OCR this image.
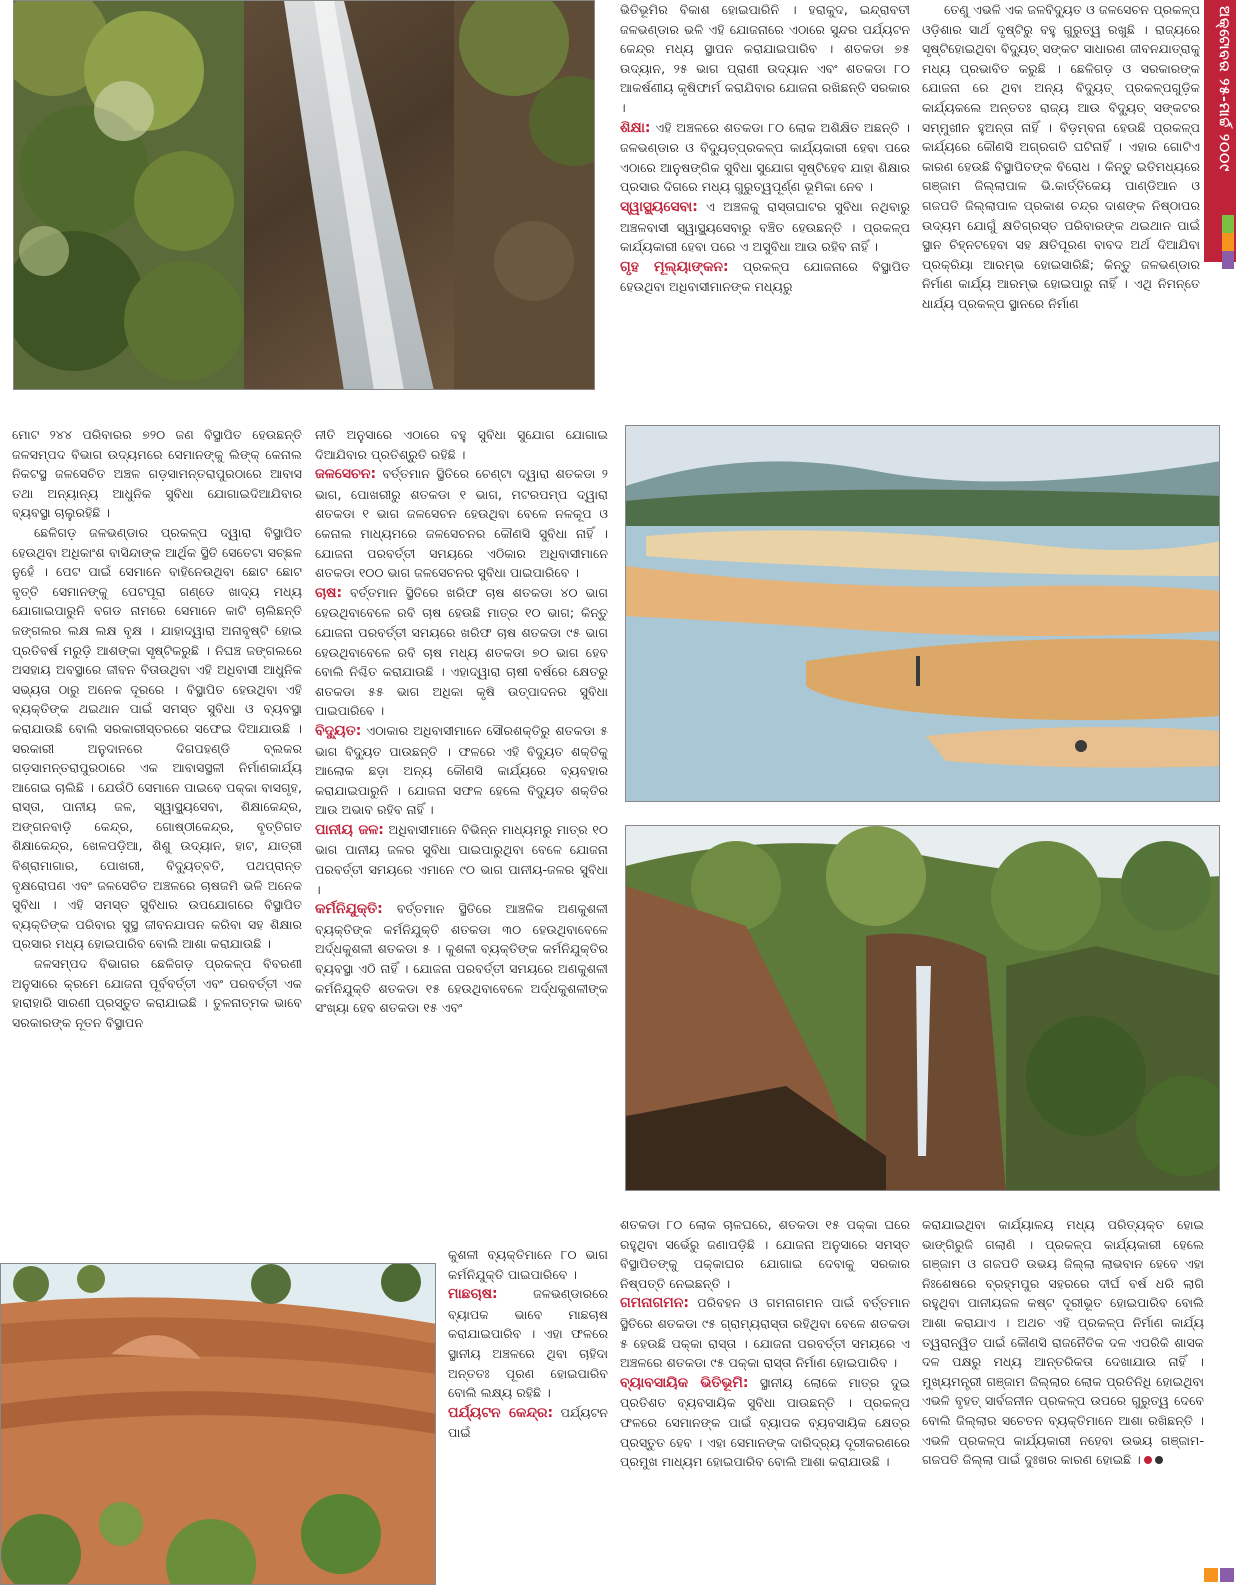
ଅକ୍ଟୋବର ୨୫-ମାର୍ଚ୍ଚ ୨୦୦୯

ଭିତିଭୂମିର ବିକାଶ ହୋଇପାରିନି । ହରାକୁଦ, ଇନ୍ଦ୍ରାବତୀ ଜଳଭଣ୍ଡାର ଭଳି ଏହି ଯୋଜନାରେ ଏଠାରେ ସୁନ୍ଦର ପର୍ଯ୍ୟଟନ କେନ୍ଦ୍ର ମଧ୍ୟ ସ୍ଥାପନ କରାଯାଇପାରିବ । ଶତକଡା ୭୫ ଉଦ୍ୟାନ, ୨୫ ଭାଗ ପ୍ରାଣୀ ଉଦ୍ୟାନ ଏବଂ ଶତକଡା ୮୦ ଆକର୍ଷଣୀୟ କୃଷିଫାର୍ମ କରାଯିବାର ଯୋଜନା ରଖିଛନ୍ତି ସରକାର ।

ଶିକ୍ଷା: ଏହି ଅଞ୍ଚଳରେ ଶତକଡା ୮୦ ଲୋକ ଅଶିକ୍ଷିତ ଅଛନ୍ତି । ଜଳଭଣ୍ଡାର ଓ ବିଦ୍ୟୁତ୍‌ପ୍ରକଳ୍ପ କାର୍ଯ୍ୟକାରୀ ହେବା ପରେ ଏଠାରେ ଆନୁଷଙ୍ଗିକ ସୁବିଧା ସୁଯୋଗ ସୃଷ୍ଟିହେବ ଯାହା ଶିକ୍ଷାର ପ୍ରସାର ଦିଗରେ ମଧ୍ୟ ଗୁରୁତ୍ୱପୂର୍ଣ୍ଣ ଭୂମିକା ନେବ ।

ସ୍ୱାସ୍ଥ୍ୟସେବା: ଏ ଅଞ୍ଚଳକୁ ରାସ୍ତାଘାଟର ସୁବିଧା ନଥିବାରୁ ଅଞ୍ଚଳବାସୀ ସ୍ୱାସ୍ଥ୍ୟସେବାରୁ ବଞ୍ଚିତ ହେଉଛନ୍ତି । ପ୍ରକଳ୍ପ କାର୍ଯ୍ୟକାରୀ ହେବା ପରେ ଏ ଅସୁବିଧା ଆଉ ରହିବ ନାହିଁ ।

ଗୃହ ମୂଲ୍ୟାଙ୍କନ: ପ୍ରକଳ୍ପ ଯୋଜନାରେ ବିସ୍ଥାପିତ ହେଉଥିବା ଅଧିବାସୀମାନଙ୍କ ମଧ୍ୟରୁ

ତେଣୁ ଏଭଳି ଏକ ଜଳବିଦ୍ୟୁତ ଓ ଜଳସେଚନ ପ୍ରକଳ୍ପ ଓଡ଼ିଶାର ସାର୍ଥ ଦୃଷ୍ଟିରୁ ବହୁ ଗୁରୁତ୍ୱ ରଖୁଛି । ରାଜ୍ୟରେ ସୃଷ୍ଟିହୋଇଥିବା ବିଦ୍ୟୁତ୍ ସଙ୍କଟ ସାଧାରଣ ଜୀବନଯାତ୍ରାକୁ ମଧ୍ୟ ପ୍ରଭାବିତ କରୁଛି । ଛେଳିଗଡ଼ ଓ ସରକାରଙ୍କ ଯୋଜନା ରେ ଥିବା ଅନ୍ୟ ବିଦ୍ୟୁତ୍ ପ୍ରକଳ୍ପଗୁଡ଼ିକ କାର୍ଯ୍ୟକଲେ ଅନ୍ତତଃ ରାଜ୍ୟ ଆଉ ବିଦ୍ୟୁତ୍ ସଙ୍କଟର ସମ୍ମୁଖୀନ ହୁଅନ୍ତା ନାହିଁ । ବିଡ଼ମ୍ବନା ହେଉଛି ପ୍ରକଳ୍ପ କାର୍ଯ୍ୟରେ କୌଣସି ଅଗ୍ରଗତି ଘଟିନାହିଁ । ଏହାର ଗୋଟିଏ କାରଣ ହେଉଛି ବିସ୍ଥାପିତଙ୍କ ବିରୋଧ । କିନ୍ତୁ ଇତିମଧ୍ୟରେ ଗଞ୍ଜାମ ଜିଲ୍ଲାପାଳ ଭି.କାର୍ତ୍ତିକେୟ ପାଣ୍ଡିଆନ ଓ ଗଜପତି ଜିଲ୍ଲାପାଳ ପ୍ରକାଶ ଚନ୍ଦ୍ର ଦାଶଙ୍କ ନିଷ୍ଠାପର ଉଦ୍ୟମ ଯୋଗୁଁ କ୍ଷତିଗ୍ରସ୍ତ ପରିବାରଙ୍କ ଥଇଥାନ ପାଇଁ ସ୍ଥାନ ଚିହ୍ନଟହେବା ସହ କ୍ଷତିପୂରଣ ବାବଦ ଅର୍ଥ ଦିଆଯିବା ପ୍ରକ୍ରିୟା ଆରମ୍ଭ ହୋଇସାରିଛି; କିନ୍ତୁ ଜଳଭଣ୍ଡାର ନିର୍ମାଣ କାର୍ଯ୍ୟ ଆରମ୍ଭ ହୋଇପାରୁ ନାହିଁ । ଏଥି ନିମନ୍ତେ ଧାର୍ଯ୍ୟ ପ୍ରକଳ୍ପ ସ୍ଥାନରେ ନିର୍ମାଣ

ମୋଟ ୨୪୪ ପରିବାରର ୭୨୦ ଜଣ ବିସ୍ଥାପିତ ହେଉଛନ୍ତି ଜଳସମ୍ପଦ ବିଭାଗ ଉଦ୍ୟମରେ ସେମାନଙ୍କୁ ଲିଙ୍କ୍ କେନାଲ ନିକଟସ୍ଥ ଜଳସେଚିତ ଅଞ୍ଚଳ ଗଡ଼ସାମନ୍ତରାପୁରଠାରେ ଆବାସ ତଥା ଅନ୍ୟାନ୍ୟ ଆଧୁନିକ ସୁବିଧା ଯୋଗାଇଦିଆଯିବାର ବ୍ୟବସ୍ଥା ଚାଲୁରହିଛି ।

ଛେଳିଗଡ଼ ଜଳଭଣ୍ଡାର ପ୍ରକଳ୍ପ ଦ୍ୱାରା ବିସ୍ଥାପିତ ହେଉଥିବା ଅଧିକାଂଶ ବାସିନ୍ଦାଙ୍କ ଆର୍ଥିକ ସ୍ଥିତି ସେତେଟା ସଚ୍ଛଳ ନୁହେଁ । ପେଟ ପାଇଁ ସେମାନେ ବାହିନେଉଥିବା ଛୋଟ ଛୋଟ ବୃତ୍ତି ସେମାନଙ୍କୁ ପେଟପୂରା ଗଣ୍ଡେ ଖାଦ୍ୟ ମଧ୍ୟ ଯୋଗାଇପାରୁନି ବଗଡ ନାମରେ ସେମାନେ କାଟି ଚାଲିଛନ୍ତି ଜଙ୍ଗଲର ଲକ୍ଷ ଲକ୍ଷ ବୃକ୍ଷ । ଯାହାଦ୍ୱାରା ଅନାବୃଷ୍ଟି ହୋଇ ପ୍ରତିବର୍ଷ ମରୁଡ଼ି ଆଶଙ୍କା ସୃଷ୍ଟିକରୁଛି । ନିଘଞ୍ଚ ଜଙ୍ଗଲରେ ଅସହାୟ ଅବସ୍ଥାରେ ଜୀବନ ବିତାଉଥିବା ଏହି ଅଧିବାସୀ ଆଧୁନିକ ସଭ୍ୟତା ଠାରୁ ଅନେକ ଦୂରରେ । ବିସ୍ଥାପିତ ହେଉଥିବା ଏହି ବ୍ୟକ୍ତିଙ୍କ ଥଇଥାନ ପାଇଁ ସମସ୍ତ ସୁବିଧା ଓ ବ୍ୟବସ୍ଥା କରାଯାଉଛି ବୋଲି ସରକାରୀସ୍ତରରେ ସଫେଇ ଦିଆଯାଉଛି । ସରକାରୀ ଅନୁଦାନରେ ଦିଗପହଣ୍ଡି ବ୍ଲକର ଗଡ଼ସାମନ୍ତରାପୁରଠାରେ ଏକ ଆବାସସ୍ଥଳୀ ନିର୍ମାଣକାର୍ଯ୍ୟ ଆଗେଇ ଚାଲିଛି । ଯେଉଁଠି ସେମାନେ ପାଇବେ ପକ୍କା ବାସଗୃହ, ରାସ୍ତା, ପାନୀୟ ଜଳ, ସ୍ୱାସ୍ଥ୍ୟସେବା, ଶିକ୍ଷାକେନ୍ଦ୍ର, ଅଙ୍ଗନବାଡ଼ି କେନ୍ଦ୍ର, ଗୋଷ୍ଠୀକେନ୍ଦ୍ର, ବୃତ୍ତିଗତ ଶିକ୍ଷାକେନ୍ଦ୍ର, ଖେଳପଡ଼ିଆ, ଶିଶୁ ଉଦ୍ୟାନ, ହାଟ, ଯାତ୍ରୀ ବିଶ୍ରାମାଗାର, ପୋଖରୀ, ବିଦ୍ୟୁତ୍‌ବତି, ପଥପ୍ରାନ୍ତ ବୃକ୍ଷରୋପଣ ଏବଂ ଜଳସେଚିତ ଅଞ୍ଚଳରେ ଚାଷଜମି ଭଳି ଅନେକ ସୁବିଧା । ଏହି ସମସ୍ତ ସୁବିଧାର ଉପଯୋଗରେ ବିସ୍ଥାପିତ ବ୍ୟକ୍ତିଙ୍କ ପରିବାର ସୁସ୍ଥ ଜୀବନଯାପନ କରିବା ସହ ଶିକ୍ଷାର ପ୍ରସାର ମଧ୍ୟ ହୋଇପାରିବ ବୋଲି ଆଶା କରାଯାଉଛି ।

ଜଳସମ୍ପଦ ବିଭାଗର ଛେଳିଗଡ଼ ପ୍ରକଳ୍ପ ବିବରଣୀ ଅନୁସାରେ କ୍ରମେ ଯୋଜନା ପୂର୍ବବର୍ତ୍ତୀ ଏବଂ ପରବର୍ତ୍ତୀ ଏକ ହାରାହାରି ସାରଣୀ ପ୍ରସ୍ତୁତ କରାଯାଇଛି । ତୁଳନାତ୍ମକ ଭାବେ ସରକାରଙ୍କ ନୂତନ ବିସ୍ଥାପନ

ନୀତି ଅନୁସାରେ ଏଠାରେ ବହୁ ସୁବିଧା ସୁଯୋଗ ଯୋଗାଇ ଦିଆଯିବାର ପ୍ରତିଶ୍ରୁତି ରହିଛି ।

ଜଳସେଚନ: ବର୍ତ୍ତମାନ ସ୍ଥିତିରେ ଚେଣ୍ଟା ଦ୍ୱାରା ଶତକଡା ୨ ଭାଗ, ପୋଖରୀରୁ ଶତକଡା ୧ ଭାଗ, ମଟରପମ୍ପ ଦ୍ୱାରା ଶତକଡା ୧ ଭାଗ ଜଳସେଚନ ହେଉଥିବା ବେଳେ ନଳକୂପ ଓ କେନାଲ ମାଧ୍ୟମରେ ଜଳସେଚନର କୌଣସି ସୁବିଧା ନାହିଁ । ଯୋଜନା ପରବର୍ତ୍ତୀ ସମୟରେ ଏଠିକାର ଅଧିବାସୀମାନେ ଶତକଡା ୧୦୦ ଭାଗ ଜଳସେଚନର ସୁବିଧା ପାଇପାରିବେ ।

ଚାଷ: ବର୍ତ୍ତମାନ ସ୍ଥିତିରେ ଖରିଫ ଚାଷ ଶତକଡା ୪୦ ଭାଗ ହେଉଥିବାବେଳେ ରବି ଚାଷ ହେଉଛି ମାତ୍ର ୧୦ ଭାଗ; କିନ୍ତୁ ଯୋଜନା ପରବର୍ତ୍ତୀ ସମୟରେ ଖରିଫ ଚାଷ ଶତକଡା ୯୫ ଭାଗ ହେଉଥିବାବେଳେ ରବି ଚାଷ ମଧ୍ୟ ଶତକଡା ୭୦ ଭାଗ ହେବ ବୋଲି ନିଶ୍ଚିତ କରାଯାଉଛି । ଏହାଦ୍ୱାରା ଚାଷୀ ବର୍ଷରେ କ୍ଷେତରୁ ଶତକଡା ୫୫ ଭାଗ ଅଧିକା କୃଷି ଉତ୍ପାଦନର ସୁବିଧା ପାଇପାରିବେ ।

ବିଦ୍ୟୁତ: ଏଠାକାର ଅଧିବାସୀମାନେ ସୌରଶକ୍ତିରୁ ଶତକଡା ୫ ଭାଗ ବିଦ୍ୟୁତ ପାଉଛନ୍ତି । ଫଳରେ ଏହି ବିଦ୍ୟୁତ ଶକ୍ତିକୁ ଆଲୋକ ଛଡ଼ା ଅନ୍ୟ କୌଣସି କାର୍ଯ୍ୟରେ ବ୍ୟବହାର କରାଯାଇପାରୁନି । ଯୋଜନା ସଫଳ ହେଲେ ବିଦ୍ୟୁତ ଶକ୍ତିର ଆଉ ଅଭାବ ରହିବ ନାହିଁ ।

ପାନୀୟ ଜଳ: ଅଧିବାସୀମାନେ ବିଭିନ୍ନ ମାଧ୍ୟମରୁ ମାତ୍ର ୧୦ ଭାଗ ପାନୀୟ ଜଳର ସୁବିଧା ପାଇପାରୁଥିବା ବେଳେ ଯୋଜନା ପରବର୍ତ୍ତୀ ସମୟରେ ଏମାନେ ୯୦ ଭାଗ ପାନୀୟ-ଜଳର ସୁବିଧା ।

କର୍ମନିଯୁକ୍ତି: ବର୍ତ୍ତମାନ ସ୍ଥିତିରେ ଆଞ୍ଚଳିକ ଅଣକୁଶଳୀ ବ୍ୟକ୍ତିଙ୍କ କର୍ମନିଯୁକ୍ତି ଶତକଡା ୩୦ ହେଉଥିବାବେଳେ ଅର୍ଦ୍ଧକୁଶଳୀ ଶତକଡା ୫ । କୁଶଳୀ ବ୍ୟକ୍ତିଙ୍କ କର୍ମନିଯୁକ୍ତିର ବ୍ୟବସ୍ଥା ଏଠି ନାହିଁ । ଯୋଜନା ପରବର୍ତ୍ତୀ ସମୟରେ ଅଣକୁଶଳୀ କର୍ମନିଯୁକ୍ତି ଶତକଡା ୧୫ ହେଉଥିବାବେଳେ ଅର୍ଦ୍ଧକୁଶଳୀଙ୍କ ସଂଖ୍ୟା ହେବ ଶତକଡା ୧୫ ଏବଂ

କୁଶଳୀ ବ୍ୟକ୍ତିମାନେ ୮୦ ଭାଗ କର୍ମନିଯୁକ୍ତି ପାଇପାରିବେ ।

ମାଛଚାଷ: ଜଳଭଣ୍ଡାରରେ ବ୍ୟାପକ ଭାବେ ମାଛଚାଷ କରାଯାଇପାରିବ । ଏହା ଫଳରେ ସ୍ଥାନୀୟ ଅଞ୍ଚଳରେ ଥିବା ଚାହିଦା ଅନ୍ତତଃ ପୂରଣ ହୋଇପାରିବ ବୋଲି ଲକ୍ଷ୍ୟ ରହିଛି ।

ପର୍ଯ୍ୟଟନ କେନ୍ଦ୍ର: ପର୍ଯ୍ୟଟନ ପାଇଁ

ଶତକଡା ୮୦ ଲୋକ ଚାଳଘରେ, ଶତକଡା ୧୫ ପକ୍କା ଘରେ ରହୁଥିବା ସର୍ଭେରୁ ଜଣାପଡ଼ିଛି । ଯୋଜନା ଅନୁସାରେ ସମସ୍ତ ବିସ୍ଥାପିତଙ୍କୁ ପକ୍କାଘର ଯୋଗାଇ ଦେବାକୁ ସରକାର ନିଷ୍ପତ୍ତି ନେଇଛନ୍ତି ।

ଗମନାଗମନ: ପରିବହନ ଓ ଗମନାଗମନ ପାଇଁ ବର୍ତ୍ତମାନ ସ୍ଥିତିରେ ଶତକଡା ୯୫ ଗ୍ରାମ୍ୟରାସ୍ତା ରହିଥିବା ବେଳେ ଶତକଡା ୫ ହେଉଛି ପକ୍କା ରାସ୍ତା । ଯୋଜନା ପରବର୍ତ୍ତୀ ସମୟରେ ଏ ଅଞ୍ଚଳରେ ଶତକଡା ୯୫ ପକ୍କା ରାସ୍ତା ନିର୍ମାଣ ହୋଇପାରିବ ।

ବ୍ୟାବସାୟିକ ଭିତିଭୂମି: ସ୍ଥାନୀୟ ଲୋକେ ମାତ୍ର ଦୁଇ ପ୍ରତିଶତ ବ୍ୟବସାୟିକ ସୁବିଧା ପାଉଛନ୍ତି । ପ୍ରକଳ୍ପ ଫଳରେ ସେମାନଙ୍କ ପାଇଁ ବ୍ୟାପକ ବ୍ୟବସାୟିକ କ୍ଷେତ୍ର ପ୍ରସ୍ତୁତ ହେବ । ଏହା ସେମାନଙ୍କ ଦାରିଦ୍ର୍ୟ ଦୂରୀକରଣରେ ପ୍ରମୁଖ ମାଧ୍ୟମ ହୋଇପାରିବ ବୋଲି ଆଶା କରାଯାଉଛି ।

କରାଯାଇଥିବା କାର୍ଯ୍ୟାଳୟ ମଧ୍ୟ ପରିତ୍ୟକ୍ତ ହୋଇ ଭାଙ୍ଗିରୁଜି ଗଲାଣି । ପ୍ରକଳ୍ପ କାର୍ଯ୍ୟକାରୀ ହେଲେ ଗଞ୍ଜାମ ଓ ଗଜପତି ଉଭୟ ଜିଲ୍ଲା ଲାଭବାନ ହେବେ ଏହା ନିଃଶେଷରେ ବ୍ରହ୍ମପୁର ସହରରେ ଦୀର୍ଘ ବର୍ଷ ଧରି ଲାଗି ରହୁଥିବା ପାନୀୟଜଳ କଷ୍ଟ ଦୂରୀଭୂତ ହୋଇପାରିବ ବୋଲି ଆଶା କରାଯାଏ । ଅଥଚ ଏହି ପ୍ରକଳ୍ପ ନିର୍ମାଣ କାର୍ଯ୍ୟ ତ୍ୱରାନ୍ୱିତ ପାଇଁ କୌଣସି ରାଜନୈତିକ ଦଳ ଏପରିକି ଶାସକ ଦଳ ପକ୍ଷରୁ ମଧ୍ୟ ଆନ୍ତରିକତା ଦେଖାଯାଉ ନାହିଁ । ମୁଖ୍ୟମନ୍ତ୍ରୀ ଗଞ୍ଜାମ ଜିଲ୍ଲାର ଲୋକ ପ୍ରତିନିଧି ହୋଇଥିବା ଏଭଳି ବୃହତ୍ ସାର୍ବଜନୀନ ପ୍ରକଳ୍ପ ଉପରେ ଗୁରୁତ୍ୱ ଦେବେ ବୋଲି ଜିଲ୍ଲାର ସଚେତନ ବ୍ୟକ୍ତିମାନେ ଆଶା ରଖିଛନ୍ତି । ଏଭଳି ପ୍ରକଳ୍ପ କାର୍ଯ୍ୟକାରୀ ନହେବା ଉଭୟ ଗଞ୍ଜାମ-ଗଜପତି ଜିଲ୍ଲା ପାଇଁ ଦୁଃଖର କାରଣ ହୋଇଛି ।
